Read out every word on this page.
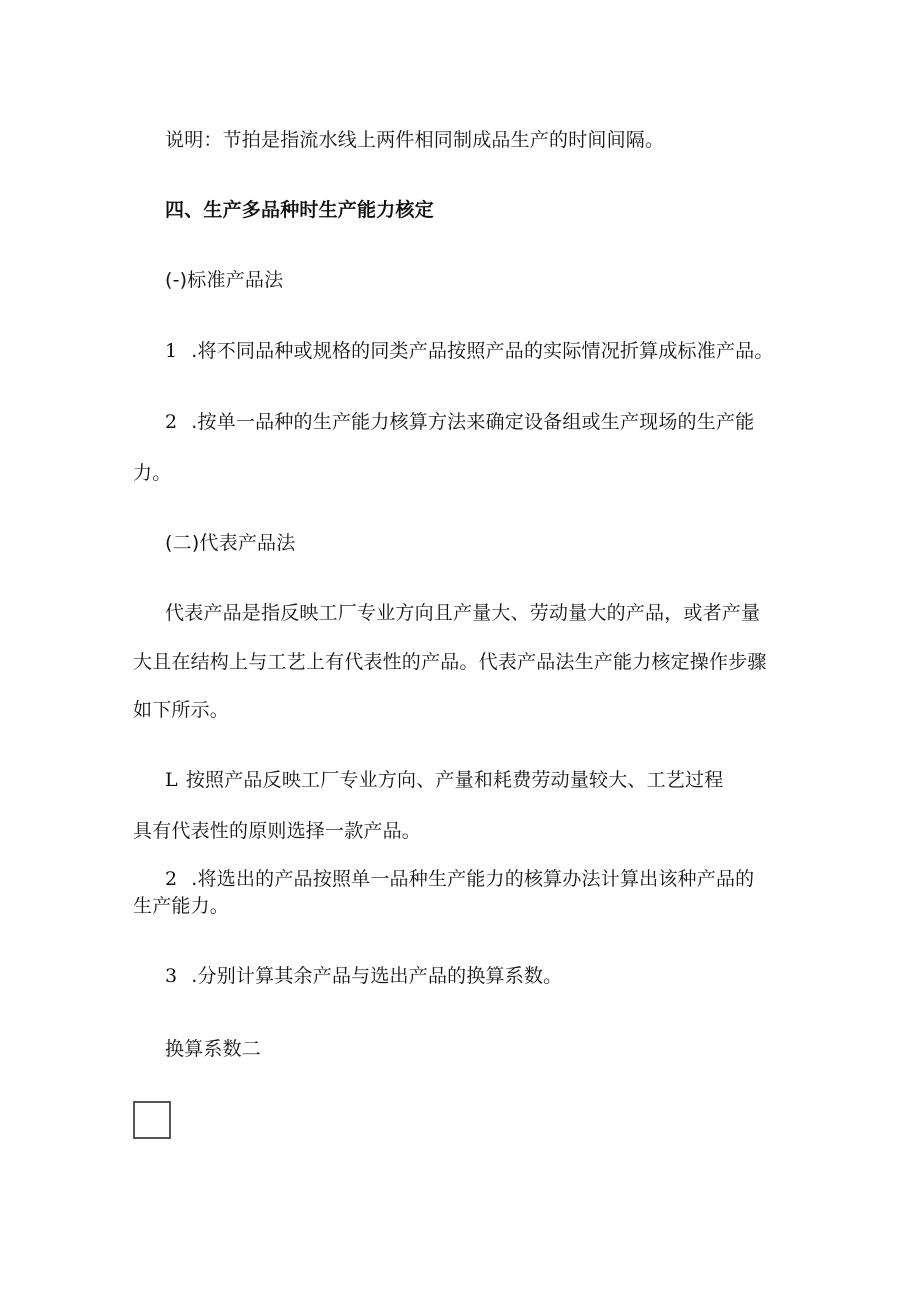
说明：节拍是指流水线上两件相同制成品生产的时间间隔。
四、生产多品种时生产能力核定
(-)标准产品法
1 .将不同品种或规格的同类产品按照产品的实际情况折算成标准产品。
2 .按单一品种的生产能力核算方法来确定设备组或生产现场的生产能
力。
(二)代表产品法
代表产品是指反映工厂专业方向且产量大、劳动量大的产品，或者产量
大且在结构上与工艺上有代表性的产品。代表产品法生产能力核定操作步骤
如下所示。
L 按照产品反映工厂专业方向、产量和耗费劳动量较大、工艺过程
具有代表性的原则选择一款产品。
2 .将选出的产品按照单一品种生产能力的核算办法计算出该种产品的
生产能力。
3 .分别计算其余产品与选出产品的换算系数。
换算系数二
